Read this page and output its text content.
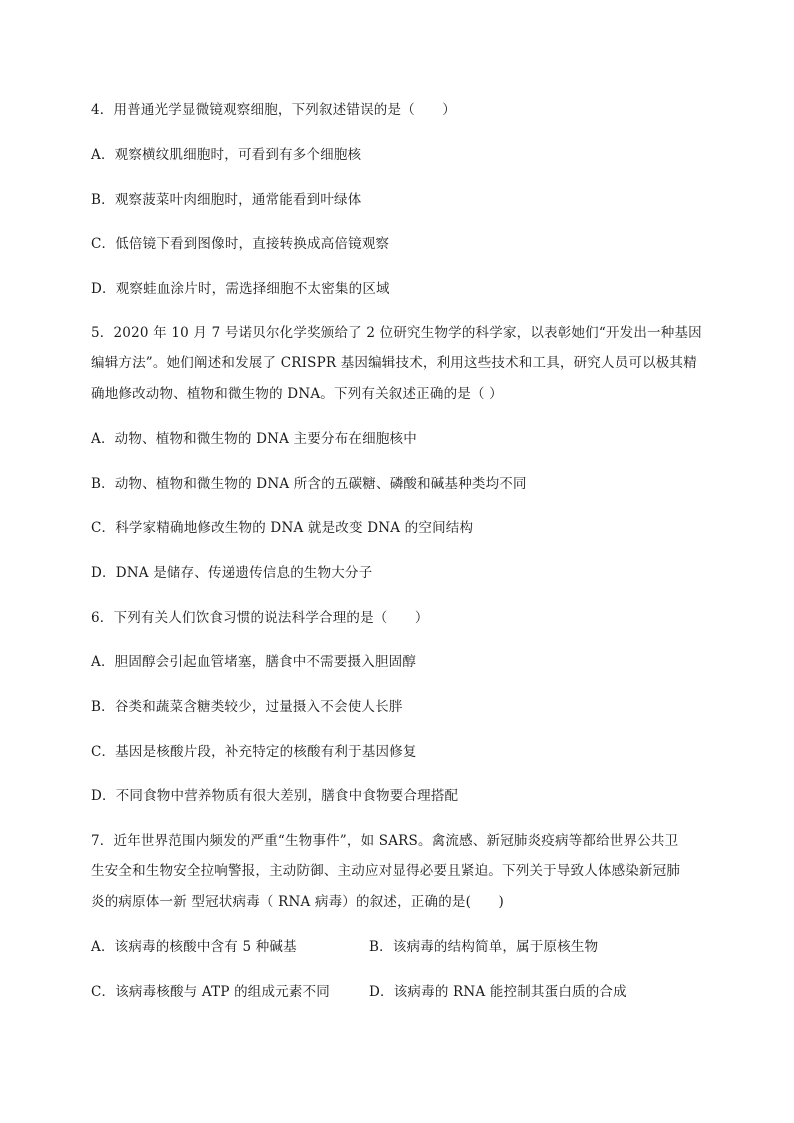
4．用普通光学显微镜观察细胞，下列叙述错误的是（　　）
A．观察横纹肌细胞时，可看到有多个细胞核
B．观察菠菜叶肉细胞时，通常能看到叶绿体
C．低倍镜下看到图像时，直接转换成高倍镜观察
D．观察蛙血涂片时，需选择细胞不太密集的区域
5．2020 年 10 月 7 号诺贝尔化学奖颁给了 2 位研究生物学的科学家，以表彰她们“开发出一种基因
编辑方法”。她们阐述和发展了 CRISPR 基因编辑技术，利用这些技术和工具，研究人员可以极其精
确地修改动物、植物和微生物的 DNA。下列有关叙述正确的是（ ）
A．动物、植物和微生物的 DNA 主要分布在细胞核中
B．动物、植物和微生物的 DNA 所含的五碳糖、磷酸和碱基种类均不同
C．科学家精确地修改生物的 DNA 就是改变 DNA 的空间结构
D．DNA 是储存、传递遗传信息的生物大分子
6．下列有关人们饮食习惯的说法科学合理的是（　　）
A．胆固醇会引起血管堵塞，膳食中不需要摄入胆固醇
B．谷类和蔬菜含糖类较少，过量摄入不会使人长胖
C．基因是核酸片段，补充特定的核酸有利于基因修复
D．不同食物中营养物质有很大差别，膳食中食物要合理搭配
7．近年世界范围内频发的严重“生物事件”，如 SARS。禽流感、新冠肺炎疫病等都给世界公共卫
生安全和生物安全拉响警报，主动防御、主动应对显得必要且紧迫。下列关于导致人体感染新冠肺
炎的病原体一新 型冠状病毒（ RNA 病毒）的叙述，正确的是(　　)
A．该病毒的核酸中含有 5 种碱基	B．该病毒的结构简单，属于原核生物
C．该病毒核酸与 ATP 的组成元素不同	D．该病毒的 RNA 能控制其蛋白质的合成
